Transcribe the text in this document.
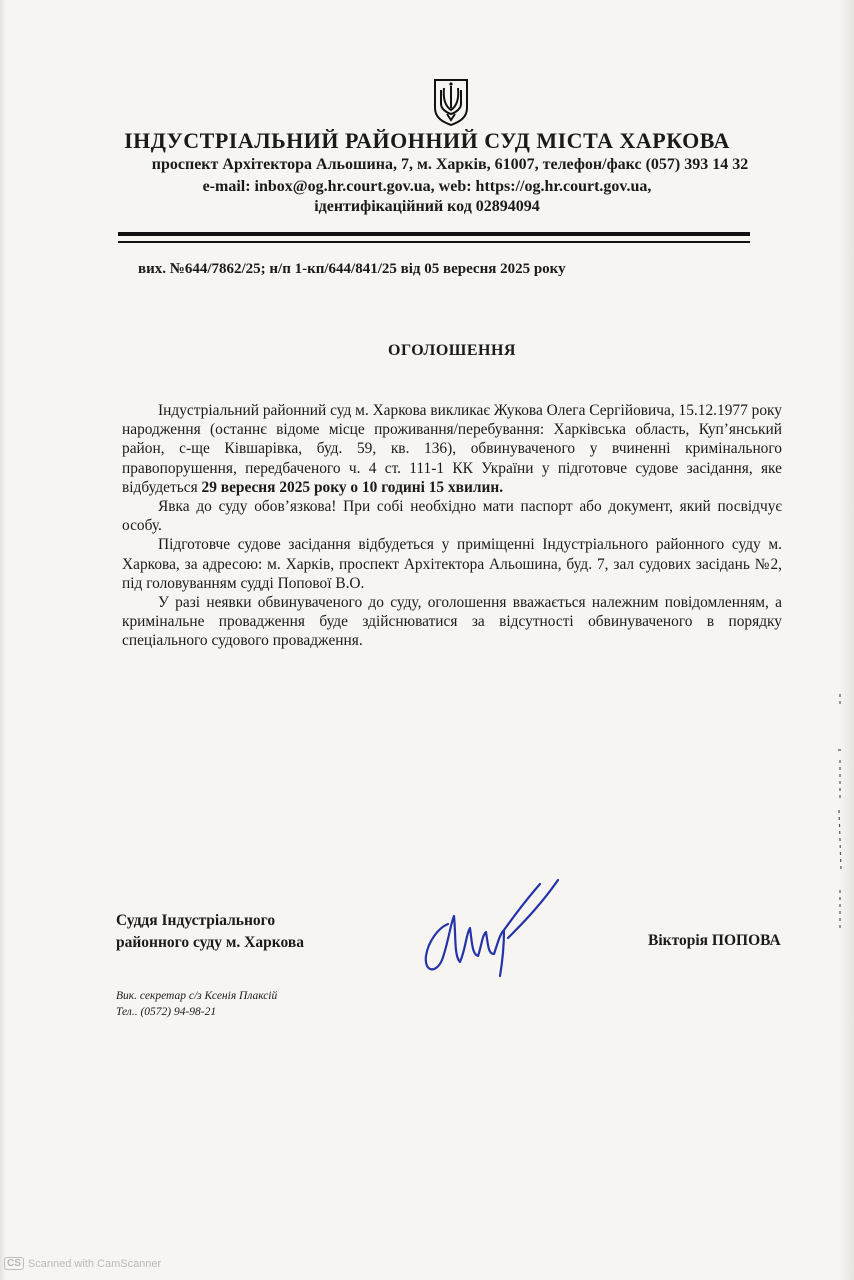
ІНДУСТРІАЛЬНИЙ РАЙОННИЙ СУД МІСТА ХАРКОВА
проспект Архітектора Альошина, 7, м. Харків, 61007, телефон/факс (057) 393 14 32
e-mail: inbox@og.hr.court.gov.ua, web: https://og.hr.court.gov.ua,
ідентифікаційний код 02894094
вих. №644/7862/25; н/п 1-кп/644/841/25 від 05 вересня 2025 року
ОГОЛОШЕННЯ

Індустріальний районний суд м. Харкова викликає Жукова Олега Сергійовича, 15.12.1977 року народження (останнє відоме місце проживання/перебування: Харківська область, Куп’янський район, с-ще Ківшарівка, буд. 59, кв. 136), обвинуваченого у вчиненні кримінального правопорушення, передбаченого ч. 4 ст. 111-1 КК України у підготовче судове засідання, яке відбудеться 29 вересня 2025 року о 10 годині 15 хвилин.

Явка до суду обов’язкова! При собі необхідно мати паспорт або документ, який посвідчує особу.

Підготовче судове засідання відбудеться у приміщенні Індустріального районного суду м. Харкова, за адресою: м. Харків, проспект Архітектора Альошина, буд. 7, зал судових засідань №2, під головуванням судді Попової В.О.

У разі неявки обвинуваченого до суду, оголошення вважається належним повідомленням, а кримінальне провадження буде здійснюватися за відсутності обвинуваченого в порядку спеціального судового провадження.

Суддя Індустріального
районного суду м. Харкова	Вікторія ПОПОВА
Вик. секретар с/з Ксенія Плаксій
Тел.. (0572) 94-98-21
CS Scanned with CamScanner
